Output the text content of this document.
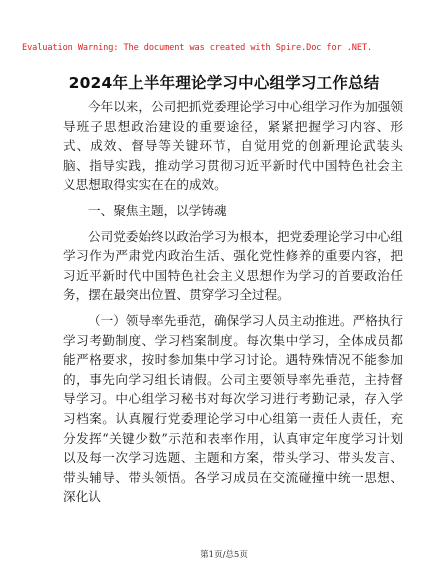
Evaluation Warning: The document was created with Spire.Doc for .NET.
2024年上半年理论学习中心组学习工作总结

今年以来，公司把抓党委理论学习中心组学习作为加强领导班子思想政治建设的重要途径，紧紧把握学习内容、形式、成效、督导等关键环节，自觉用党的创新理论武装头脑、指导实践，推动学习贯彻习近平新时代中国特色社会主义思想取得实实在在的成效。

一、聚焦主题，以学铸魂

公司党委始终以政治学习为根本，把党委理论学习中心组学习作为严肃党内政治生活、强化党性修养的重要内容，把习近平新时代中国特色社会主义思想作为学习的首要政治任务，摆在最突出位置、贯穿学习全过程。

（一）领导率先垂范，确保学习人员主动推进。严格执行学习考勤制度、学习档案制度。每次集中学习，全体成员都能严格要求，按时参加集中学习讨论。遇特殊情况不能参加的，事先向学习组长请假。公司主要领导率先垂范，主持督导学习。中心组学习秘书对每次学习进行考勤记录，存入学习档案。认真履行党委理论学习中心组第一责任人责任，充分发挥“关键少数”示范和表率作用，认真审定年度学习计划以及每一次学习选题、主题和方案，带头学习、带头发言、带头辅导、带头领悟。各学习成员在交流碰撞中统一思想、深化认

第1页/总5页
